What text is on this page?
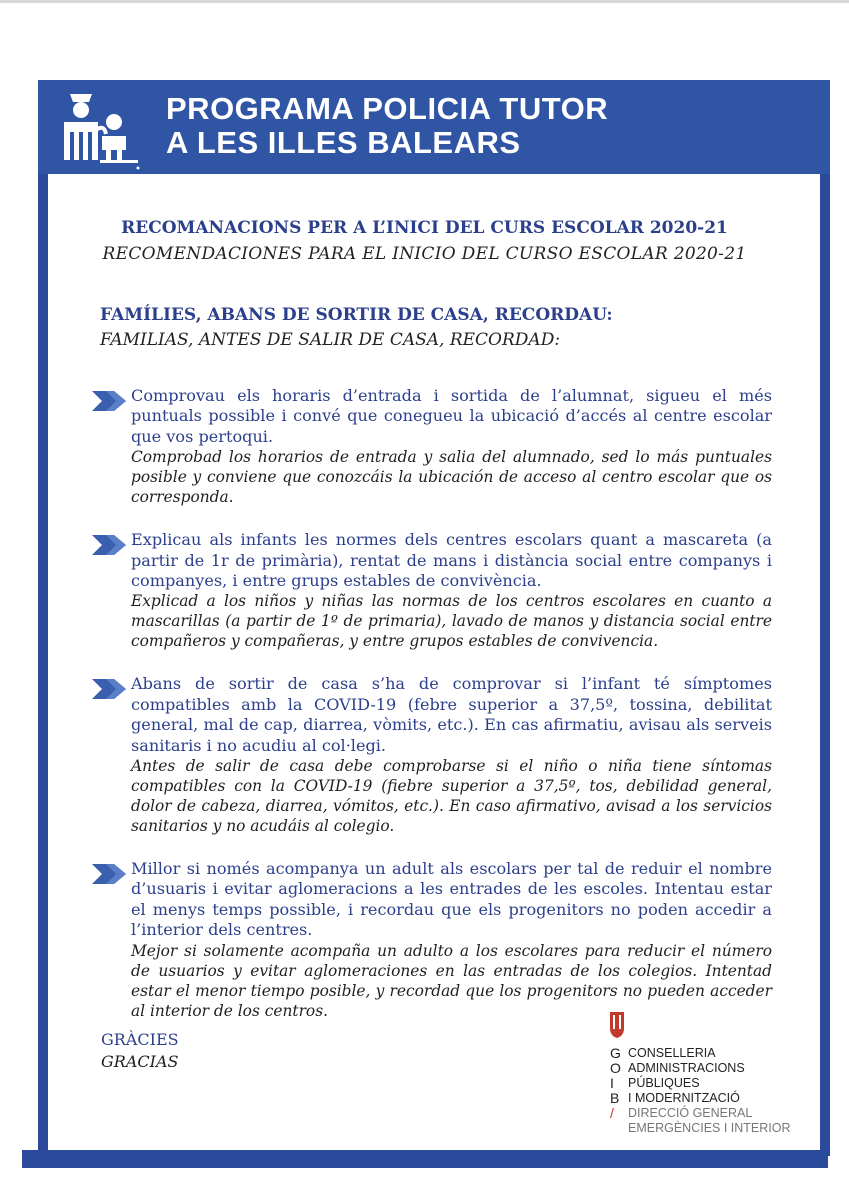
PROGRAMA POLICIA TUTOR
A LES ILLES BALEARS
RECOMANACIONS PER A L’INICI DEL CURS ESCOLAR 2020-21
RECOMENDACIONES PARA EL INICIO DEL CURSO ESCOLAR 2020-21
FAMÍLIES, ABANS DE SORTIR DE CASA, RECORDAU:
FAMILIAS, ANTES DE SALIR DE CASA, RECORDAD:

Comprovau els horaris d’entrada i sortida de l’alumnat, sigueu el més puntuals possible i convé que conegueu la ubicació d’accés al centre escolar que vos pertoqui.

Comprobad los horarios de entrada y salia del alumnado, sed lo más puntuales posible y conviene que conozcáis la ubicación de acceso al centro escolar que os corresponda.

Explicau als infants les normes dels centres escolars quant a mascareta (a partir de 1r de primària), rentat de mans i distància social entre companys i companyes, i entre grups estables de convivència.

Explicad a los niños y niñas las normas de los centros escolares en cuanto a mascarillas (a partir de 1º de primaria), lavado de manos y distancia social entre compañeros y compañeras, y entre grupos estables de convivencia.

Abans de sortir de casa s’ha de comprovar si l’infant té símptomes compatibles amb la COVID-19 (febre superior a 37,5º, tossina, debilitat general, mal de cap, diarrea, vòmits, etc.). En cas afirmatiu, avisau als serveis sanitaris i no acudiu al col·legi.

Antes de salir de casa debe comprobarse si el niño o niña tiene síntomas compatibles con la COVID-19 (fiebre superior a 37,5º, tos, debilidad general, dolor de cabeza, diarrea, vómitos, etc.). En caso afirmativo, avisad a los servicios sanitarios y no acudáis al colegio.

Millor si només acompanya un adult als escolars per tal de reduir el nombre d’usuaris i evitar aglomeracions a les entrades de les escoles. Intentau estar el menys temps possible, i recordau que els progenitors no poden accedir a l’interior dels centres.

Mejor si solamente acompaña un adulto a los escolares para reducir el número de usuarios y evitar aglomeraciones en las entradas de los colegios. Intentad estar el menor tiempo posible, y recordad que los progenitors no pueden acceder al interior de los centros.

GRÀCIES
GRACIAS	G CONSELLERIA
O ADMINISTRACIONS
I	PÚBLIQUES
B I MODERNITZACIÓ
/	DIRECCIÓ GENERAL
EMERGÈNCIES I INTERIOR
